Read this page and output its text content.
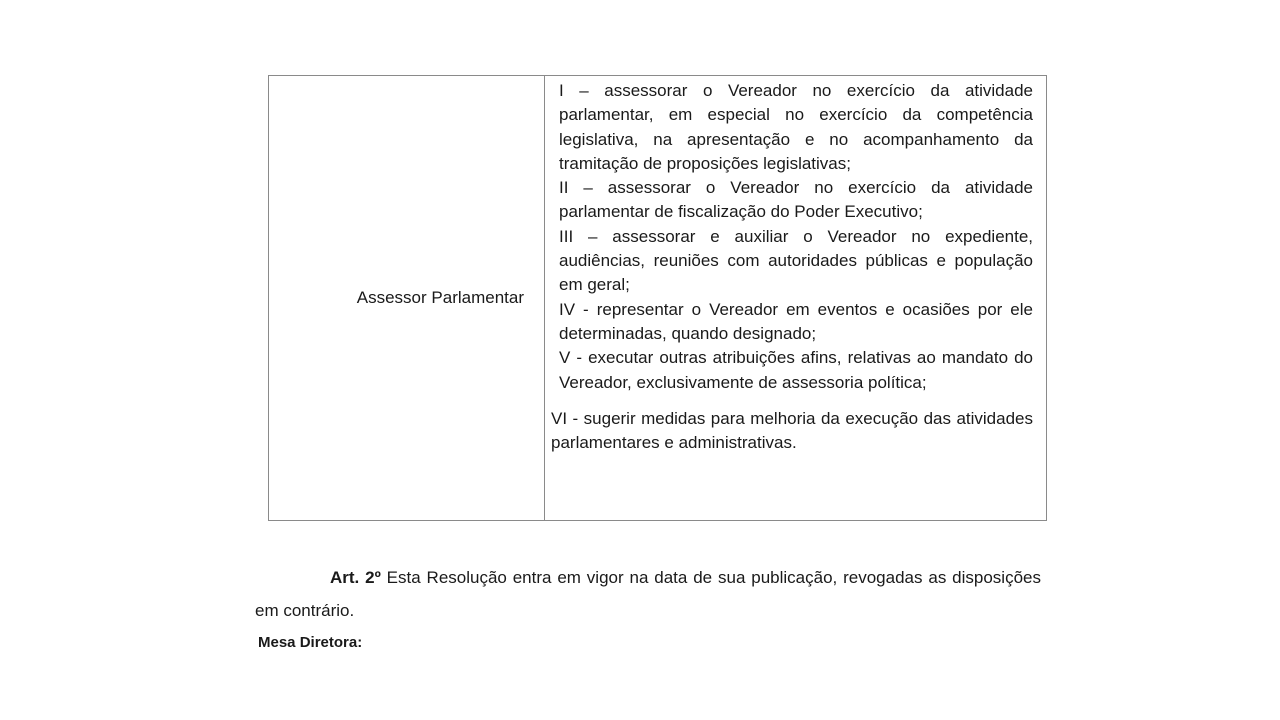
Assessor Parlamentar

I – assessorar o Vereador no exercício da atividade parlamentar, em especial no exercício da competência legislativa, na apresentação e no acompanhamento da tramitação de proposições legislativas;

II – assessorar o Vereador no exercício da atividade parlamentar de fiscalização do Poder Executivo;

III – assessorar e auxiliar o Vereador no expediente, audiências, reuniões com autoridades públicas e população em geral;

IV - representar o Vereador em eventos e ocasiões por ele determinadas, quando designado;

V - executar outras atribuições afins, relativas ao mandato do Vereador, exclusivamente de assessoria política;

VI - sugerir medidas para melhoria da execução das atividades parlamentares e administrativas.

Art. 2º Esta Resolução entra em vigor na data de sua publicação, revogadas as disposições em contrário.

Mesa Diretora:
